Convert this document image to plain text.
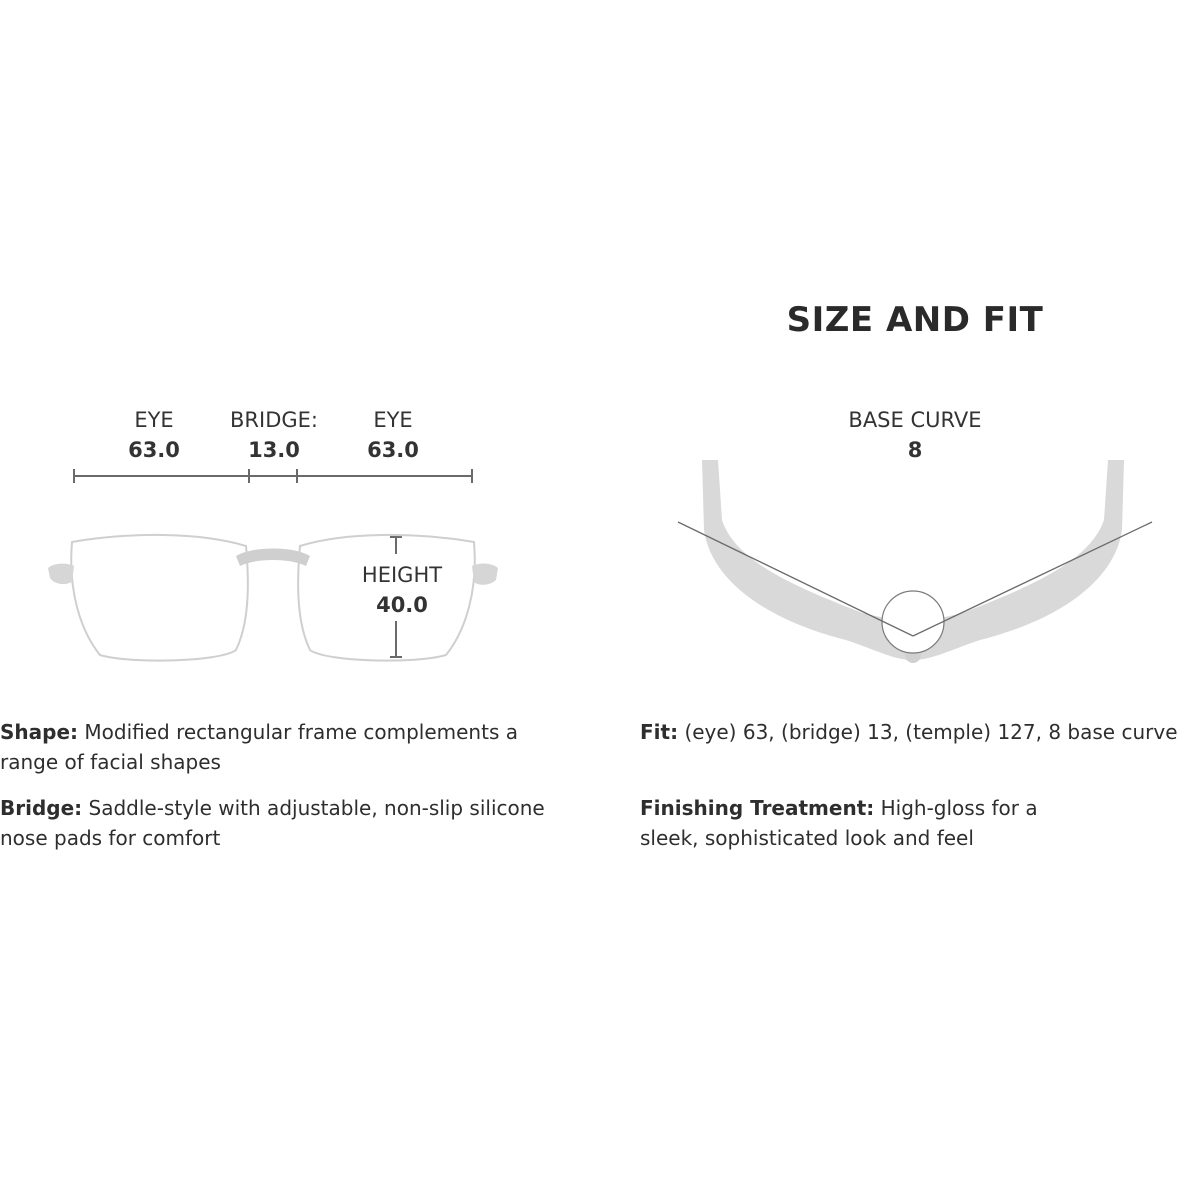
SIZE AND FIT
EYE
63.0
BRIDGE:
13.0
EYE
63.0
HEIGHT
40.0
BASE CURVE
8
Shape: Modified rectangular frame complements a range of facial shapes
Bridge: Saddle-style with adjustable, non-slip silicone nose pads for comfort
Fit: (eye) 63, (bridge) 13, (temple) 127, 8 base curve
Finishing Treatment: High-gloss for a sleek, sophisticated look and feel
